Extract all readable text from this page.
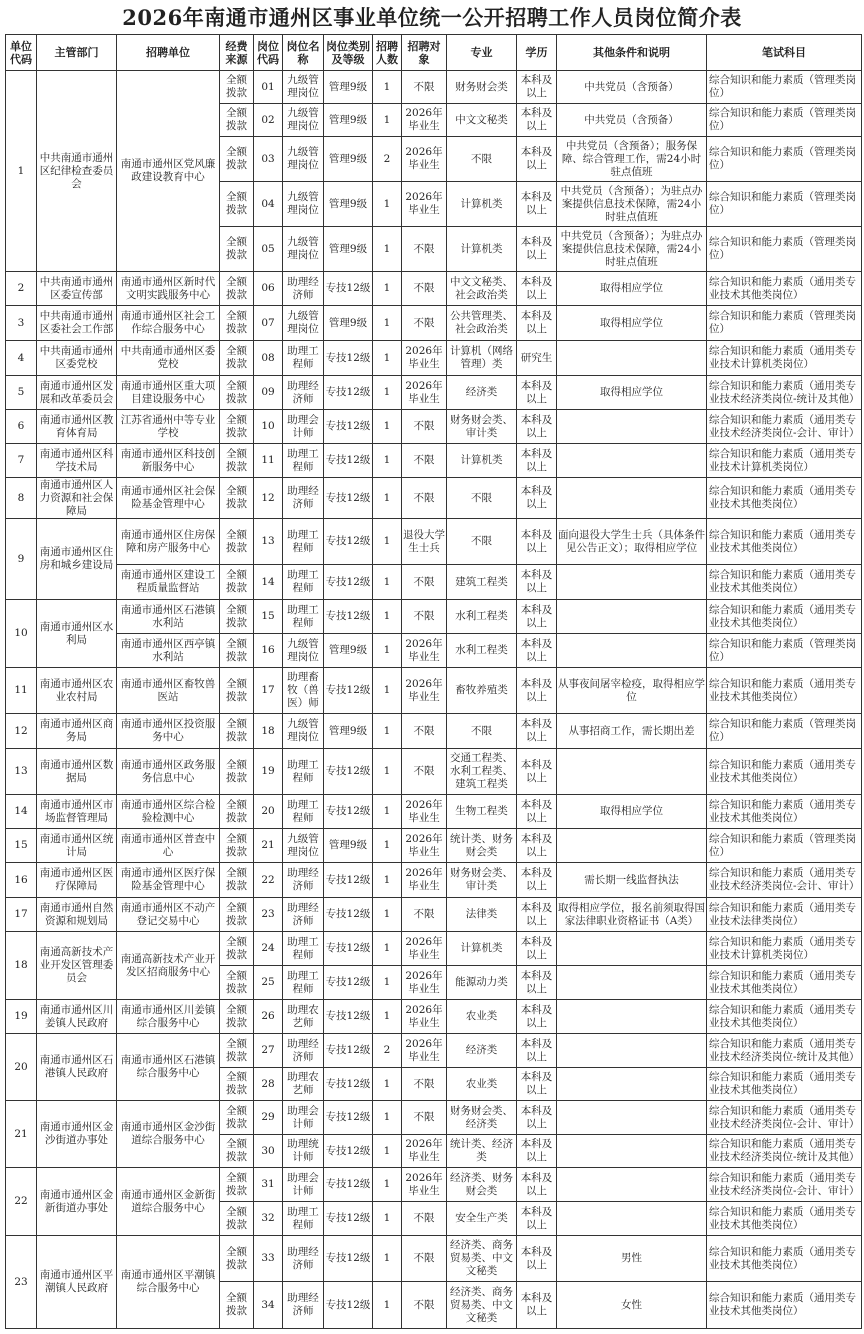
2026年南通市通州区事业单位统一公开招聘工作人员岗位简介表
单位代码	主管部门	招聘单位	经费来源	岗位代码	岗位名称	岗位类别及等级	招聘人数	招聘对象	专业	学历	其他条件和说明	笔试科目
1	中共南通市通州区纪律检查委员会	南通市通州区党风廉政建设教育中心	全额拨款	01	九级管理岗位	管理9级	1	不限	财务财会类	本科及以上	中共党员（含预备）	综合知识和能力素质（管理类岗位）
			全额拨款	02	九级管理岗位	管理9级	1	2026年毕业生	中文文秘类	本科及以上	中共党员（含预备）	综合知识和能力素质（管理类岗位）
			全额拨款	03	九级管理岗位	管理9级	2	2026年毕业生	不限	本科及以上	中共党员（含预备）；服务保障、综合管理工作，需24小时驻点值班	综合知识和能力素质（管理类岗位）
			全额拨款	04	九级管理岗位	管理9级	1	2026年毕业生	计算机类	本科及以上	中共党员（含预备）；为驻点办案提供信息技术保障，需24小时驻点值班	综合知识和能力素质（管理类岗位）
			全额拨款	05	九级管理岗位	管理9级	1	不限	计算机类	本科及以上	中共党员（含预备）；为驻点办案提供信息技术保障，需24小时驻点值班	综合知识和能力素质（管理类岗位）
2	中共南通市通州区委宣传部	南通市通州区新时代文明实践服务中心	全额拨款	06	助理经济师	专技12级	1	不限	中文文秘类、社会政治类	本科及以上	取得相应学位	综合知识和能力素质（通用类专业技术其他类岗位）
3	中共南通市通州区委社会工作部	南通市通州区社会工作综合服务中心	全额拨款	07	九级管理岗位	管理9级	1	不限	公共管理类、社会政治类	本科及以上	取得相应学位	综合知识和能力素质（管理类岗位）
4	中共南通市通州区委党校	中共南通市通州区委党校	全额拨款	08	助理工程师	专技12级	1	2026年毕业生	计算机（网络管理）类	研究生		综合知识和能力素质（通用类专业技术计算机类岗位）
5	南通市通州区发展和改革委员会	南通市通州区重大项目建设服务中心	全额拨款	09	助理经济师	专技12级	1	2026年毕业生	经济类	本科及以上	取得相应学位	综合知识和能力素质（通用类专业技术经济类岗位-统计及其他）
6	南通市通州区教育体育局	江苏省通州中等专业学校	全额拨款	10	助理会计师	专技12级	1	不限	财务财会类、审计类	本科及以上		综合知识和能力素质（通用类专业技术经济类岗位-会计、审计）
7	南通市通州区科学技术局	南通市通州区科技创新服务中心	全额拨款	11	助理工程师	专技12级	1	不限	计算机类	本科及以上		综合知识和能力素质（通用类专业技术计算机类岗位）
8	南通市通州区人力资源和社会保障局	南通市通州区社会保险基金管理中心	全额拨款	12	助理经济师	专技12级	1	不限	不限	本科及以上		综合知识和能力素质（通用类专业技术其他类岗位）
9	南通市通州区住房和城乡建设局	南通市通州区住房保障和房产服务中心	全额拨款	13	助理工程师	专技12级	1	退役大学生士兵	不限	本科及以上	面向退役大学生士兵（具体条件见公告正文）；取得相应学位	综合知识和能力素质（通用类专业技术其他类岗位）
		南通市通州区建设工程质量监督站	全额拨款	14	助理工程师	专技12级	1	不限	建筑工程类	本科及以上		综合知识和能力素质（通用类专业技术其他类岗位）
10	南通市通州区水利局	南通市通州区石港镇水利站	全额拨款	15	助理工程师	专技12级	1	不限	水利工程类	本科及以上		综合知识和能力素质（通用类专业技术其他类岗位）
		南通市通州区西亭镇水利站	全额拨款	16	九级管理岗位	管理9级	1	2026年毕业生	水利工程类	本科及以上		综合知识和能力素质（管理类岗位）
11	南通市通州区农业农村局	南通市通州区畜牧兽医站	全额拨款	17	助理畜牧（兽医）师	专技12级	1	2026年毕业生	畜牧养殖类	本科及以上	从事夜间屠宰检疫，取得相应学位	综合知识和能力素质（通用类专业技术其他类岗位）
12	南通市通州区商务局	南通市通州区投资服务中心	全额拨款	18	九级管理岗位	管理9级	1	不限	不限	本科及以上	从事招商工作，需长期出差	综合知识和能力素质（管理类岗位）
13	南通市通州区数据局	南通市通州区政务服务信息中心	全额拨款	19	助理工程师	专技12级	1	不限	交通工程类、水利工程类、建筑工程类	本科及以上		综合知识和能力素质（通用类专业技术其他类岗位）
14	南通市通州区市场监督管理局	南通市通州区综合检验检测中心	全额拨款	20	助理工程师	专技12级	1	2026年毕业生	生物工程类	本科及以上	取得相应学位	综合知识和能力素质（通用类专业技术其他类岗位）
15	南通市通州区统计局	南通市通州区普查中心	全额拨款	21	九级管理岗位	管理9级	1	2026年毕业生	统计类、财务财会类	本科及以上		综合知识和能力素质（管理类岗位）
16	南通市通州区医疗保障局	南通市通州区医疗保险基金管理中心	全额拨款	22	助理经济师	专技12级	1	2026年毕业生	财务财会类、审计类	本科及以上	需长期一线监督执法	综合知识和能力素质（通用类专业技术经济类岗位-会计、审计）
17	南通市通州自然资源和规划局	南通市通州区不动产登记交易中心	全额拨款	23	助理经济师	专技12级	1	不限	法律类	本科及以上	取得相应学位，报名前须取得国家法律职业资格证书（A类）	综合知识和能力素质（通用类专业技术法律类岗位）
18	南通高新技术产业开发区管理委员会	南通高新技术产业开发区招商服务中心	全额拨款	24	助理工程师	专技12级	1	2026年毕业生	计算机类	本科及以上		综合知识和能力素质（通用类专业技术计算机类岗位）
			全额拨款	25	助理工程师	专技12级	1	2026年毕业生	能源动力类	本科及以上		综合知识和能力素质（通用类专业技术其他类岗位）
19	南通市通州区川姜镇人民政府	南通市通州区川姜镇综合服务中心	全额拨款	26	助理农艺师	专技12级	1	2026年毕业生	农业类	本科及以上		综合知识和能力素质（通用类专业技术其他类岗位）
20	南通市通州区石港镇人民政府	南通市通州区石港镇综合服务中心	全额拨款	27	助理经济师	专技12级	2	2026年毕业生	经济类	本科及以上		综合知识和能力素质（通用类专业技术经济类岗位-统计及其他）
			全额拨款	28	助理农艺师	专技12级	1	不限	农业类	本科及以上		综合知识和能力素质（通用类专业技术其他类岗位）
21	南通市通州区金沙街道办事处	南通市通州区金沙街道综合服务中心	全额拨款	29	助理会计师	专技12级	1	不限	财务财会类、经济类	本科及以上		综合知识和能力素质（通用类专业技术经济类岗位-会计、审计）
			全额拨款	30	助理统计师	专技12级	1	2026年毕业生	统计类、经济类	本科及以上		综合知识和能力素质（通用类专业技术经济类岗位-统计及其他）
22	南通市通州区金新街道办事处	南通市通州区金新街道综合服务中心	全额拨款	31	助理会计师	专技12级	1	2026年毕业生	经济类、财务财会类	本科及以上		综合知识和能力素质（通用类专业技术经济类岗位-会计、审计）
			全额拨款	32	助理工程师	专技12级	1	不限	安全生产类	本科及以上		综合知识和能力素质（通用类专业技术其他类岗位）
23	南通市通州区平潮镇人民政府	南通市通州区平潮镇综合服务中心	全额拨款	33	助理经济师	专技12级	1	不限	经济类、商务贸易类、中文文秘类	本科及以上	男性	综合知识和能力素质（通用类专业技术其他类岗位）
			全额拨款	34	助理经济师	专技12级	1	不限	经济类、商务贸易类、中文文秘类	本科及以上	女性	综合知识和能力素质（通用类专业技术其他类岗位）
